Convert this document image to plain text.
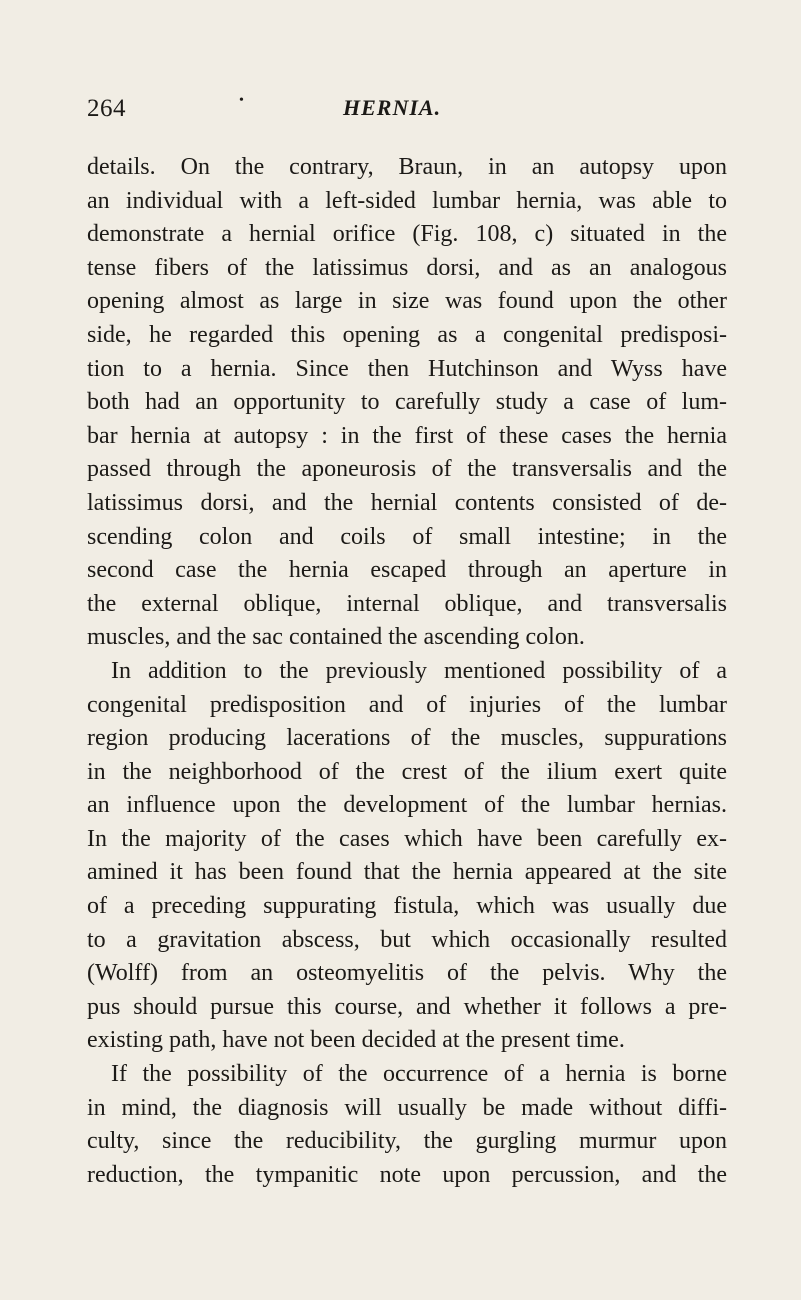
264	•	HERNIA.
details. On the contrary, Braun, in an autopsy upon
an individual with a left-sided lumbar hernia, was able to
demonstrate a hernial orifice (Fig. 108, c) situated in the
tense fibers of the latissimus dorsi, and as an analogous
opening almost as large in size was found upon the other
side, he regarded this opening as a congenital predisposi-
tion to a hernia. Since then Hutchinson and Wyss have
both had an opportunity to carefully study a case of lum-
bar hernia at autopsy : in the first of these cases the hernia
passed through the aponeurosis of the transversalis and the
latissimus dorsi, and the hernial contents consisted of de-
scending colon and coils of small intestine; in the
second case the hernia escaped through an aperture in
the external oblique, internal oblique, and transversalis
muscles, and the sac contained the ascending colon.
In addition to the previously mentioned possibility of a
congenital predisposition and of injuries of the lumbar
region producing lacerations of the muscles, suppurations
in the neighborhood of the crest of the ilium exert quite
an influence upon the development of the lumbar hernias.
In the majority of the cases which have been carefully ex-
amined it has been found that the hernia appeared at the site
of a preceding suppurating fistula, which was usually due
to a gravitation abscess, but which occasionally resulted
(Wolff) from an osteomyelitis of the pelvis. Why the
pus should pursue this course, and whether it follows a pre-
existing path, have not been decided at the present time.
If the possibility of the occurrence of a hernia is borne
in mind, the diagnosis will usually be made without diffi-
culty, since the reducibility, the gurgling murmur upon
reduction, the tympanitic note upon percussion, and the
